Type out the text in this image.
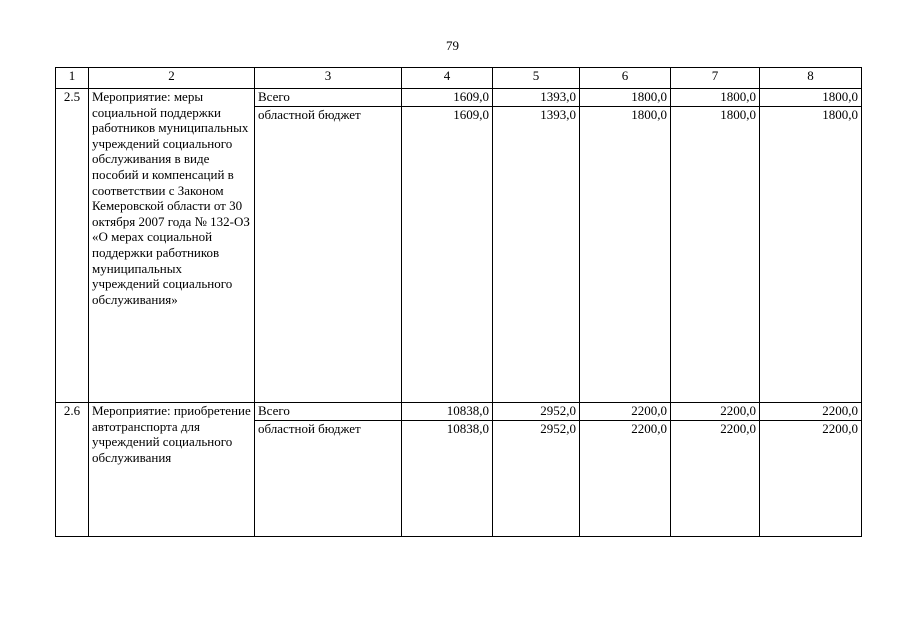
79
1	2	3	4	5	6	7	8
2.5	Мероприятие: меры социальной поддержки работников муниципальных учреждений социального обслуживания в виде пособий и компенсаций в соответствии с Законом Кемеровской области от 30 октября 2007 года № 132-ОЗ «О мерах социальной поддержки работников муниципальных учреждений социального обслуживания»	Всего	1609,0	1393,0	1800,0	1800,0	1800,0
		областной бюджет	1609,0	1393,0	1800,0	1800,0	1800,0
2.6	Мероприятие: приобретение автотранспорта для учреждений социального обслуживания	Всего	10838,0	2952,0	2200,0	2200,0	2200,0
		областной бюджет	10838,0	2952,0	2200,0	2200,0	2200,0
